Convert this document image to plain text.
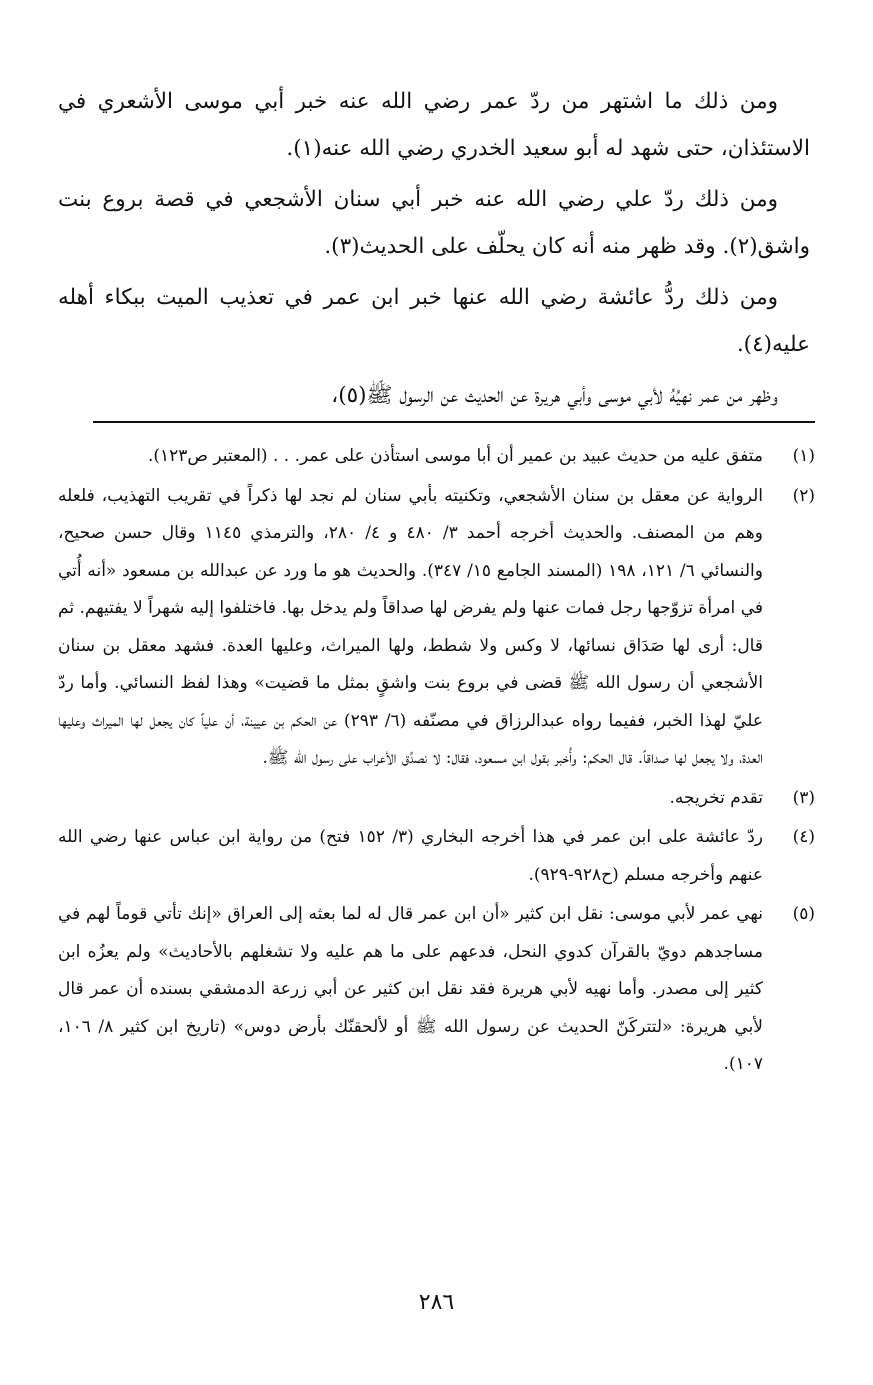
ومن ذلك ما اشتهر من ردّ عمر رضي الله عنه خبر أبي موسى الأشعري في الاستئذان، حتى شهد له أبو سعيد الخدري رضي الله عنه(١).

ومن ذلك ردّ علي رضي الله عنه خبر أبي سنان الأشجعي في قصة بروع بنت واشق(٢). وقد ظهر منه أنه كان يحلّف على الحديث(٣).

ومن ذلك ردُّ عائشة رضي الله عنها خبر ابن عمر في تعذيب الميت ببكاء أهله عليه(٤).

وظهر من عمر نهيُهُ لأبي موسى وأبي هريرة عن الحديث عن الرسول ﷺ(٥)،

(١)
متفق عليه من حديث عبيد بن عمير أن أبا موسى استأذن على عمر. . . (المعتبر ص١٢٣).
(٢)
الرواية عن معقل بن سنان الأشجعي، وتكنيته بأبي سنان لم نجد لها ذكراً في تقريب التهذيب، فلعله وهم من المصنف. والحديث أخرجه أحمد ٣/ ٤٨٠ و ٤/ ٢٨٠، والترمذي ١١٤٥ وقال حسن صحيح، والنسائي ٦/ ١٢١، ١٩٨ (المسند الجامع ١٥/ ٣٤٧). والحديث هو ما ورد عن عبدالله بن مسعود «أنه أُتي في امرأة تزوّجها رجل فمات عنها ولم يفرض لها صداقاً ولم يدخل بها. فاختلفوا إليه شهراً لا يفتيهم. ثم قال: أرى لها صَدَاق نسائها، لا وكس ولا شطط، ولها الميراث، وعليها العدة. فشهد معقل بن سنان الأشجعي أن رسول الله ﷺ قضى في بروع بنت واشقٍ بمثل ما قضيت» وهذا لفظ النسائي. وأما ردّ عليّ لهذا الخبر، ففيما رواه عبدالرزاق في مصنّفه (٦/ ٢٩٣) عن الحكم بن عيينة، أن علياً كان يجعل لها الميراث وعليها العدة، ولا يجعل لها صداقاً. قال الحكم: وأُخبر بقول ابن مسعود، فقال: لا نصدِّق الأعراب على رسول الله ﷺ.
(٣)
تقدم تخريجه.
(٤)
ردّ عائشة على ابن عمر في هذا أخرجه البخاري (٣/ ١٥٢ فتح) من رواية ابن عباس عنها رضي الله عنهم وأخرجه مسلم (ح٩٢٨-٩٢٩).
(٥)
نهي عمر لأبي موسى: نقل ابن كثير «أن ابن عمر قال له لما بعثه إلى العراق «إنك تأتي قوماً لهم في مساجدهم دويّ بالقرآن كدوي النحل، فدعهم على ما هم عليه ولا تشغلهم بالأحاديث» ولم يعزُه ابن كثير إلى مصدر. وأما نهيه لأبي هريرة فقد نقل ابن كثير عن أبي زرعة الدمشقي بسنده أن عمر قال لأبي هريرة: «لتتركَنّ الحديث عن رسول الله ﷺ أو لألحقنّك بأرض دوس» (تاريخ ابن كثير ٨/ ١٠٦، ١٠٧).
٢٨٦
